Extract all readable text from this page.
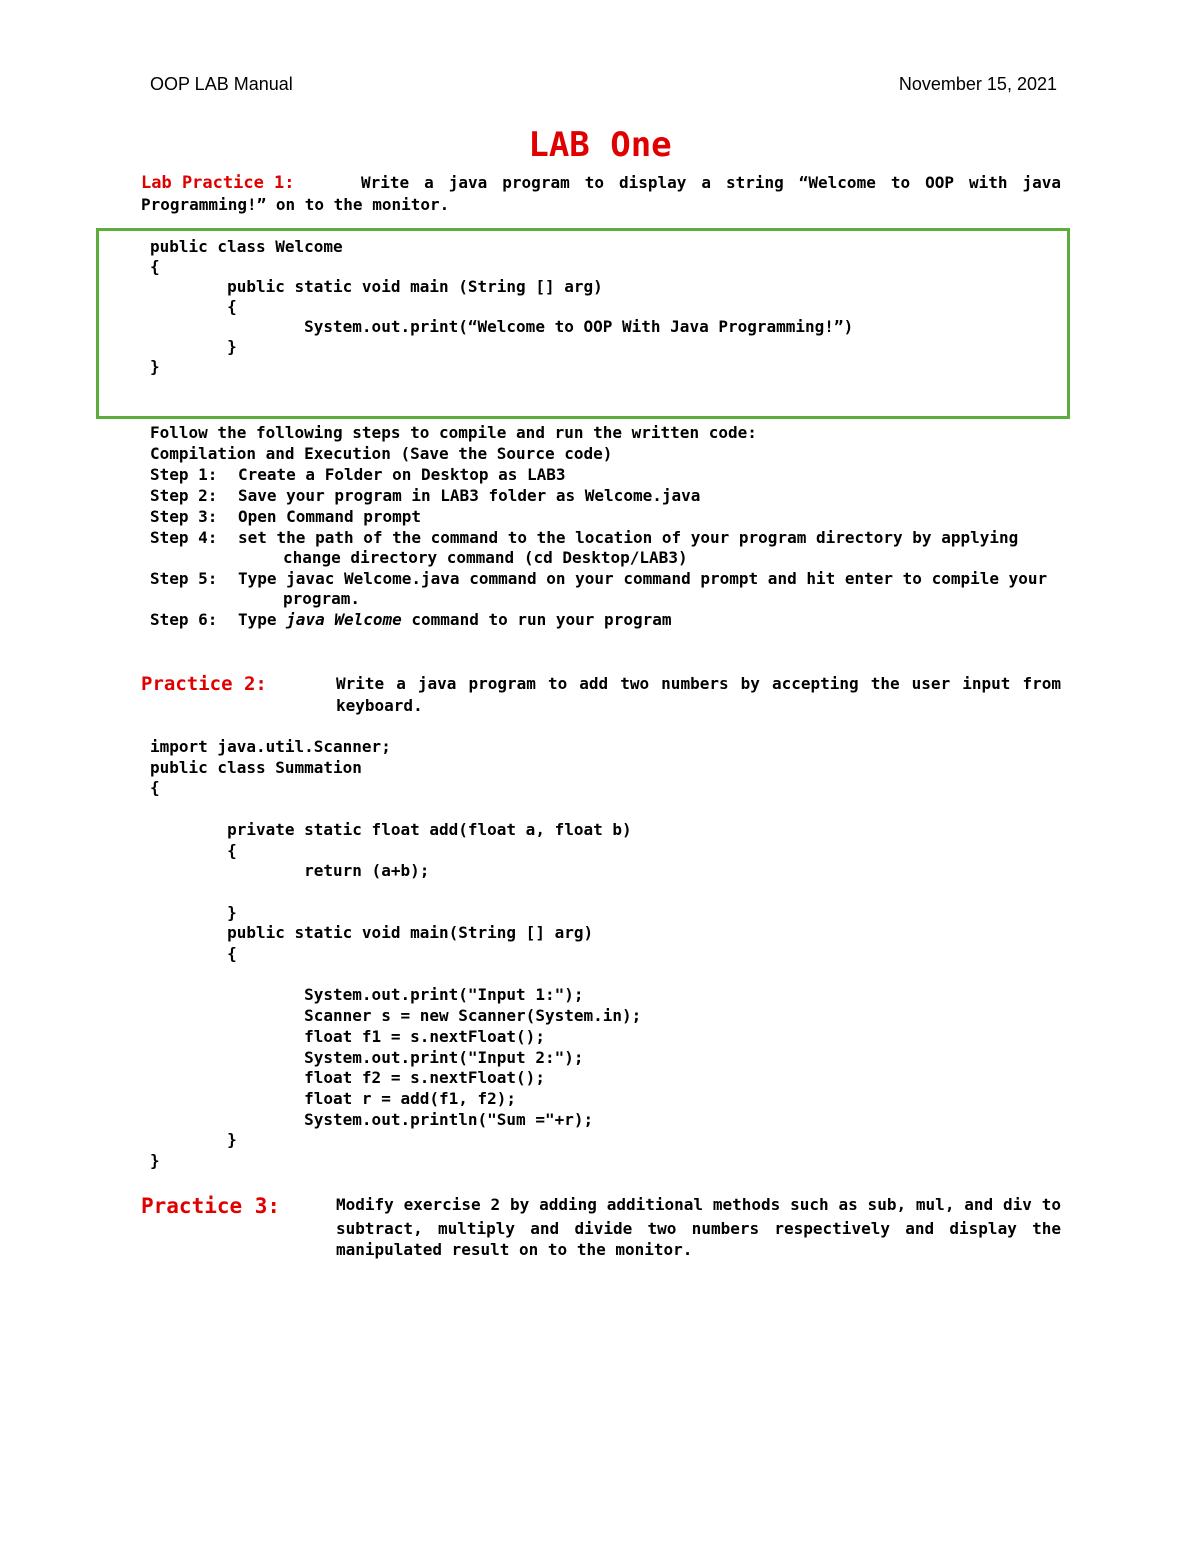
OOP LAB Manual	November 15, 2021
LAB One
Lab Practice 1:	Write a java program to display a string “Welcome to OOP with java
Programming!” on to the monitor.
public class Welcome
{
public static void main (String [] arg)
{
System.out.print(“Welcome to OOP With Java Programming!”)
}
}
Follow the following steps to compile and run the written code:
Compilation and Execution (Save the Source code)
Step 1: Create a Folder on Desktop as LAB3
Step 2: Save your program in LAB3 folder as Welcome.java
Step 3: Open Command prompt
Step 4: set the path of the command to the location of your program directory by applying
change directory command (cd Desktop/LAB3)
Step 5: Type javac Welcome.java command on your command prompt and hit enter to compile your
program.
Step 6: Type java Welcome command to run your program
Practice 2:	Write a java program to add two numbers by accepting the user input from
keyboard.
import java.util.Scanner;
public class Summation
{
private static float add(float a, float b)
{
return (a+b);
}
public static void main(String [] arg)
{
System.out.print("Input 1:");
Scanner s = new Scanner(System.in);
float f1 = s.nextFloat();
System.out.print("Input 2:");
float f2 = s.nextFloat();
float r = add(f1, f2);
System.out.println("Sum ="+r);
}
}
Practice 3:	Modify exercise 2 by adding additional methods such as sub, mul, and div to
subtract, multiply and divide two numbers respectively and display the
manipulated result on to the monitor.
